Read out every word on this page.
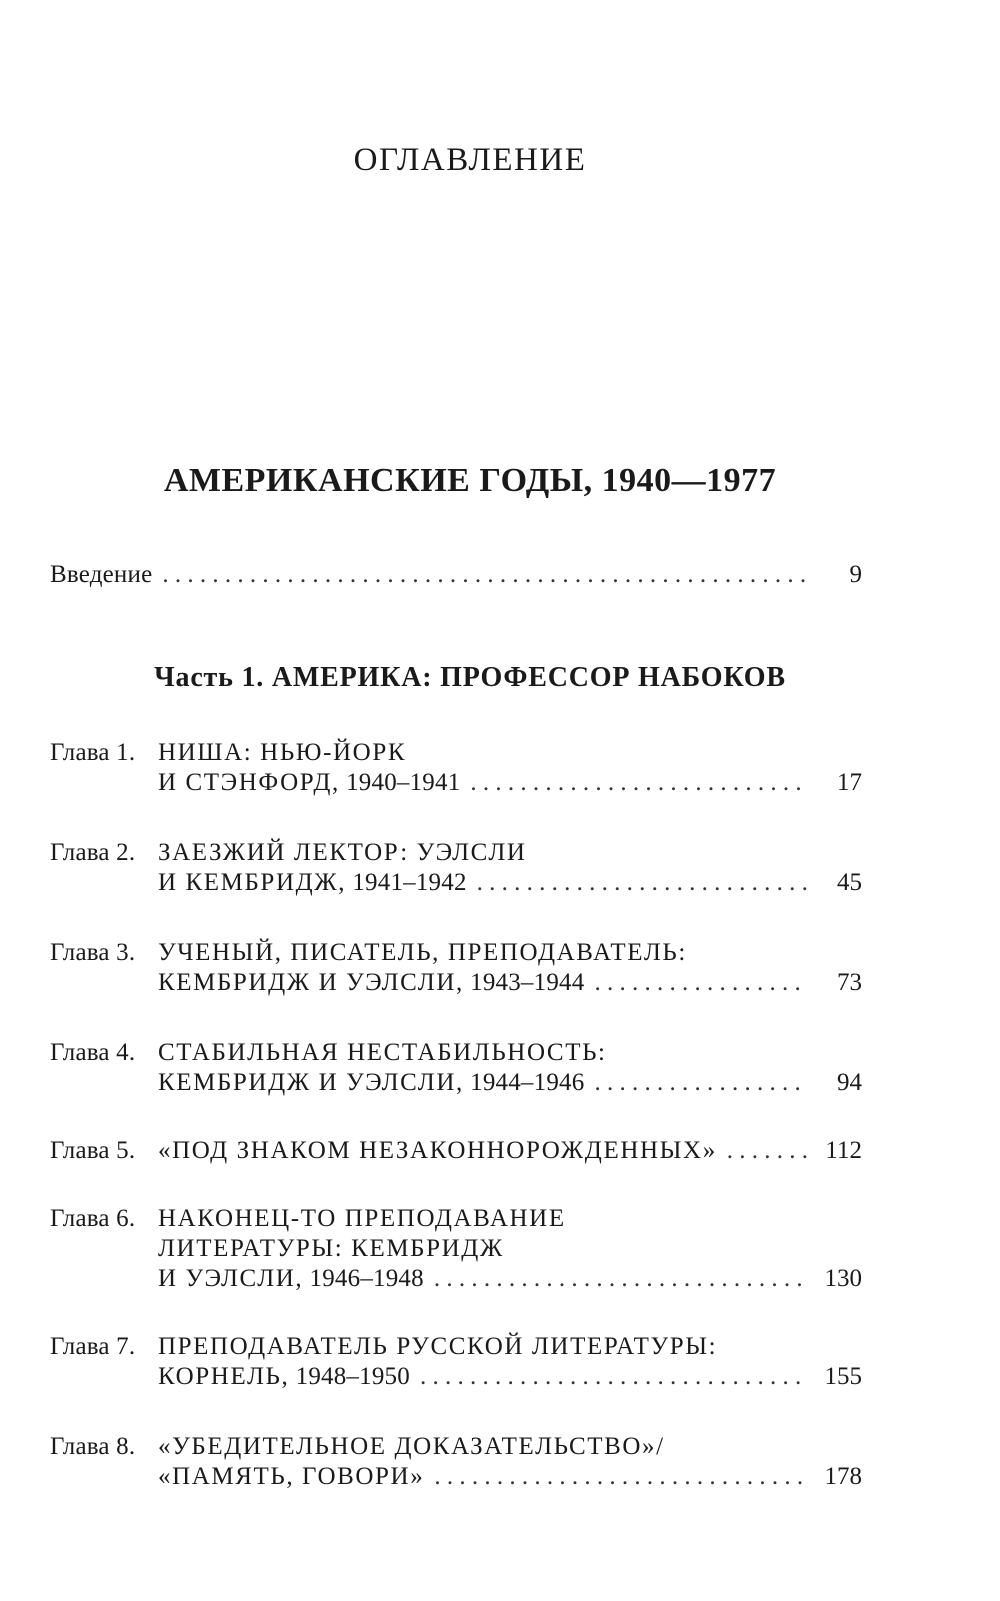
ОГЛАВЛЕНИЕ
АМЕРИКАНСКИЕ ГОДЫ, 1940—1977
Введение . . .	9
Часть 1. АМЕРИКА: ПРОФЕССОР НАБОКОВ
Глава 1. НИША: НЬЮ-ЙОРК
И СТЭНФОРД,
1940–1941 . . .	17
Глава 2. ЗАЕЗЖИЙ ЛЕКТОР: УЭЛСЛИ
И КЕМБРИДЖ,
1941–1942 . . .	45
Глава 3. УЧЕНЫЙ, ПИСАТЕЛЬ, ПРЕПОДАВАТЕЛЬ:
КЕМБРИДЖ И УЭЛСЛИ,
1943–1944 . . .	73
Глава 4. СТАБИЛЬНАЯ НЕСТАБИЛЬНОСТЬ:
КЕМБРИДЖ И УЭЛСЛИ,
1944–1946 . . .	94
Глава 5. «ПОД ЗНАКОМ НЕЗАКОННОРОЖДЕННЫХ» . . .	112
Глава 6. НАКОНЕЦ-ТО ПРЕПОДАВАНИЕ
ЛИТЕРАТУРЫ: КЕМБРИДЖ
И УЭЛСЛИ,
1946–1948 . . .	130
Глава 7. ПРЕПОДАВАТЕЛЬ РУССКОЙ ЛИТЕРАТУРЫ:
КОРНЕЛЬ,
1948–1950 . . .	155
Глава 8. «УБЕДИТЕЛЬНОЕ ДОКАЗАТЕЛЬСТВО»/
«ПАМЯТЬ, ГОВОРИ» . . .	178
